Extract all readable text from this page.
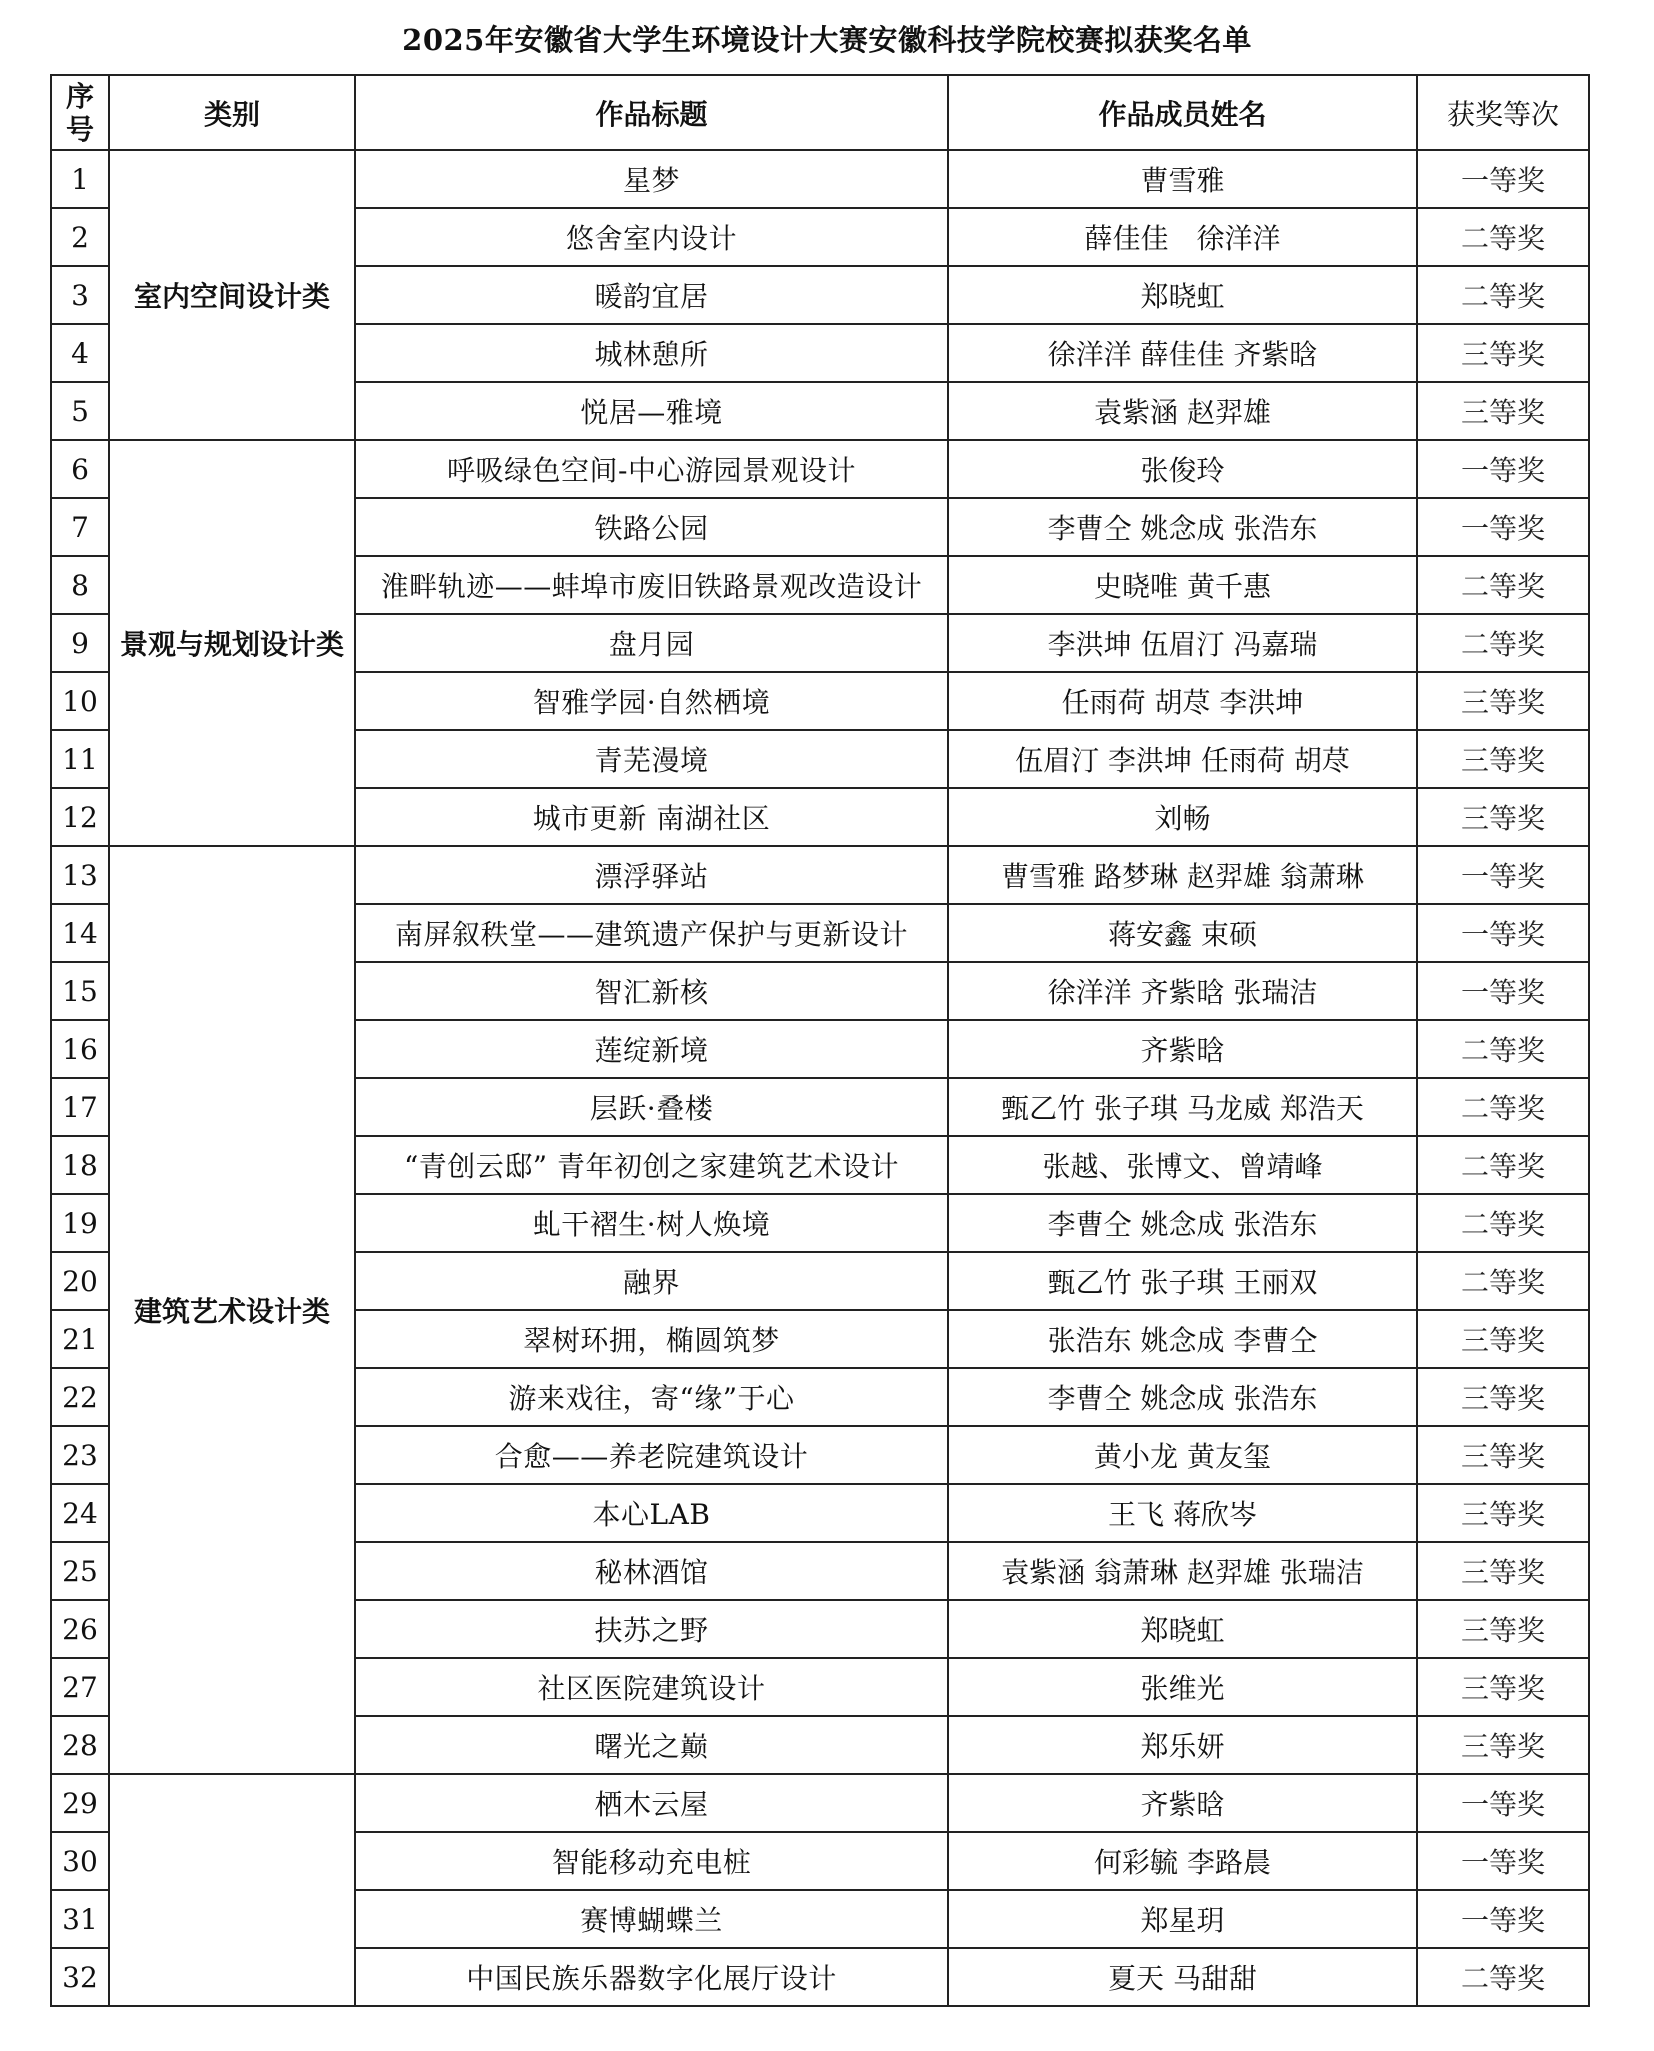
2025年安徽省大学生环境设计大赛安徽科技学院校赛拟获奖名单
序号	类别	作品标题	作品成员姓名	获奖等次
1	室内空间设计类	星梦	曹雪雅	一等奖
2		悠舍室内设计	薛佳佳　徐洋洋	二等奖
3		暖韵宜居	郑晓虹	二等奖
4		城林憩所	徐洋洋 薛佳佳 齐紫晗	三等奖
5		悦居—雅境	袁紫涵 赵羿雄	三等奖
6	景观与规划设计类	呼吸绿色空间-中心游园景观设计	张俊玲	一等奖
7		铁路公园	李曹仝 姚念成 张浩东	一等奖
8		淮畔轨迹——蚌埠市废旧铁路景观改造设计	史晓唯 黄千惠	二等奖
9		盘月园	李洪坤 伍眉汀 冯嘉瑞	二等奖
10		智雅学园·自然栖境	任雨荷 胡荩 李洪坤	三等奖
11		青芜漫境	伍眉汀 李洪坤 任雨荷 胡荩	三等奖
12		城市更新 南湖社区	刘畅	三等奖
13	建筑艺术设计类	漂浮驿站	曹雪雅 路梦琳 赵羿雄 翁萧琳	一等奖
14		南屏叙秩堂——建筑遗产保护与更新设计	蒋安鑫 束硕	一等奖
15		智汇新核	徐洋洋 齐紫晗 张瑞洁	一等奖
16		莲绽新境	齐紫晗	二等奖
17		层跃·叠楼	甄乙竹 张子琪 马龙威 郑浩天	二等奖
18		“青创云邸” 青年初创之家建筑艺术设计	张越、张博文、曾靖峰	二等奖
19		虬干褶生·树人焕境	李曹仝 姚念成 张浩东	二等奖
20		融界	甄乙竹 张子琪 王丽双	二等奖
21		翠树环拥，椭圆筑梦	张浩东 姚念成 李曹仝	三等奖
22		游来戏往，寄“缘”于心	李曹仝 姚念成 张浩东	三等奖
23		合愈——养老院建筑设计	黄小龙 黄友玺	三等奖
24		本心LAB	王飞 蒋欣岑	三等奖
25		秘林酒馆	袁紫涵 翁萧琳 赵羿雄 张瑞洁	三等奖
26		扶苏之野	郑晓虹	三等奖
27		社区医院建筑设计	张维光	三等奖
28		曙光之巅	郑乐妍	三等奖
29		栖木云屋	齐紫晗	一等奖
30		智能移动充电桩	何彩毓 李路晨	一等奖
31		赛博蝴蝶兰	郑星玥	一等奖
32		中国民族乐器数字化展厅设计	夏天 马甜甜	二等奖
